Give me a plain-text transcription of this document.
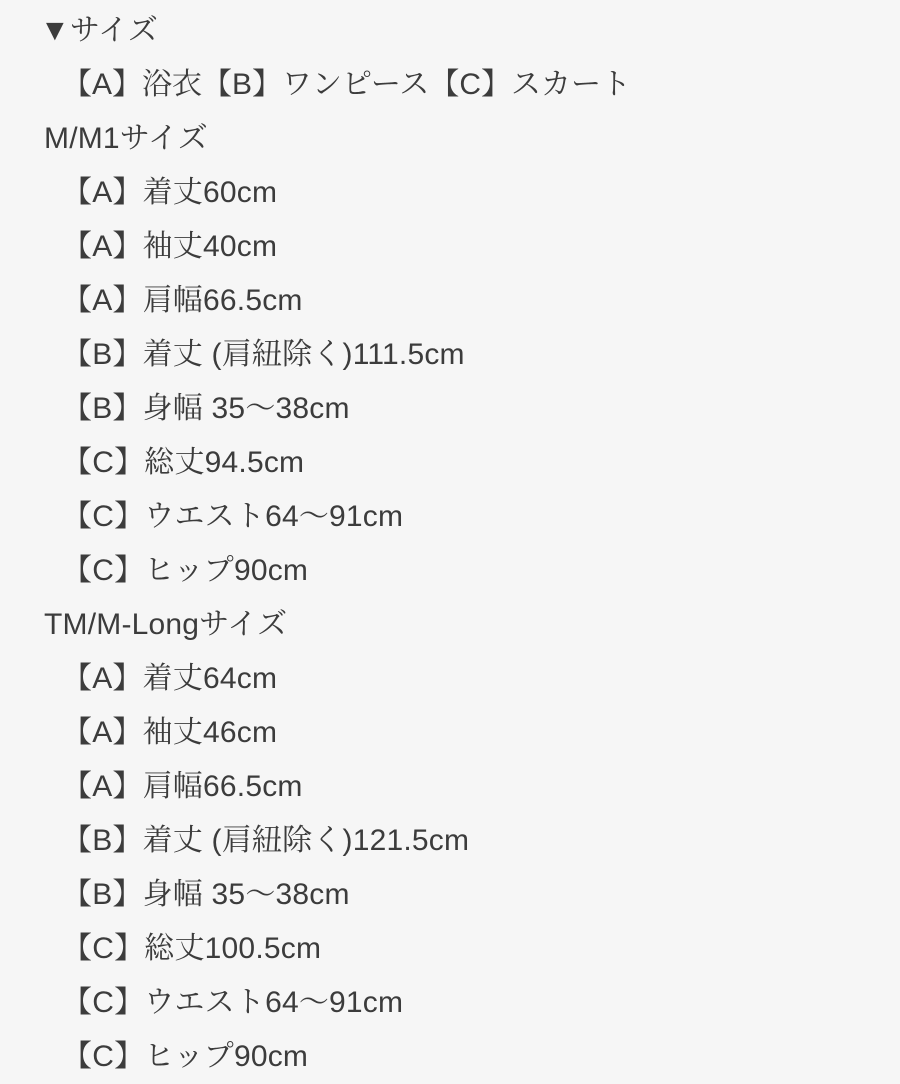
▼サイズ
【A】浴衣【B】ワンピース【C】スカート
M/M1サイズ
【A】着丈60cm
【A】袖丈40cm
【A】肩幅66.5cm
【B】着丈 (肩紐除く)111.5cm
【B】身幅 35〜38cm
【C】総丈94.5cm
【C】ウエスト64〜91cm
【C】ヒップ90cm
TM/M-Longサイズ
【A】着丈64cm
【A】袖丈46cm
【A】肩幅66.5cm
【B】着丈 (肩紐除く)121.5cm
【B】身幅 35〜38cm
【C】総丈100.5cm
【C】ウエスト64〜91cm
【C】ヒップ90cm
